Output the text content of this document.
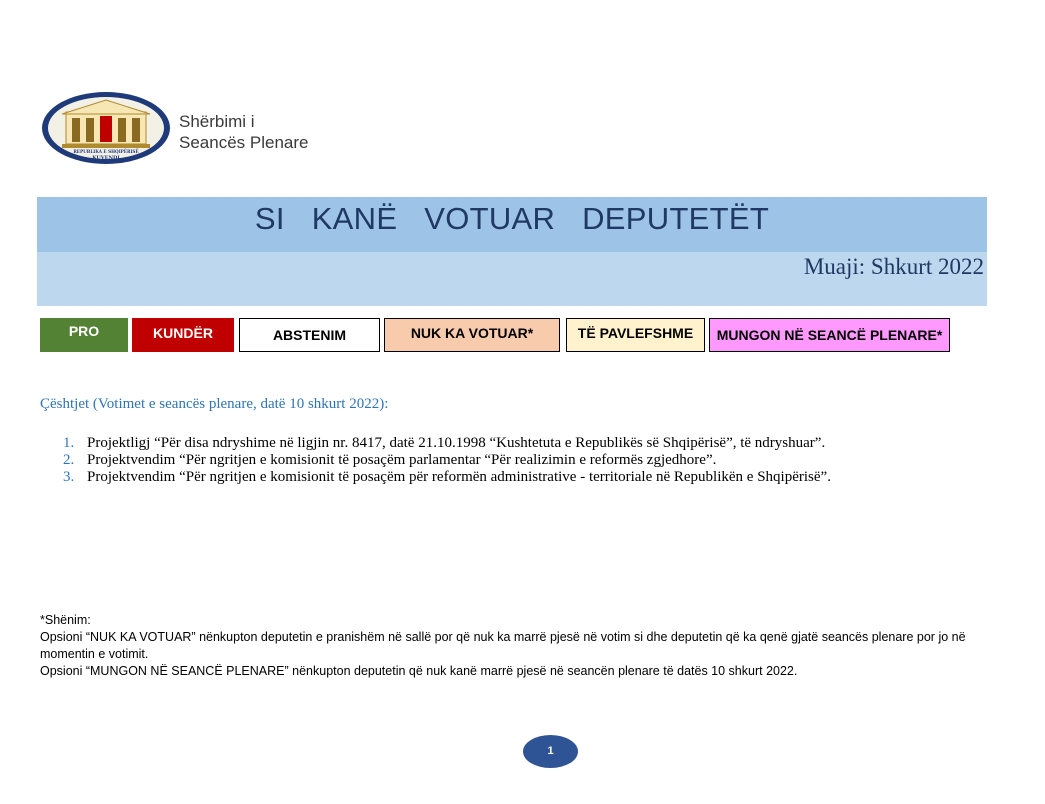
REPUBLIKA E SHQIPËRISË
KUVENDI
Shërbimi i
Seancës Plenare
SI KANË VOTUAR DEPUTETËT
Muaji: Shkurt 2022
PRO	KUNDËR	ABSTENIM	NUK KA VOTUAR*	TË PAVLEFSHME	MUNGON NË SEANCË PLENARE*
Çështjet (Votimet e seancës plenare, datë 10 shkurt 2022):
1. Projektligj “Për disa ndryshime në ligjin nr. 8417, datë 21.10.1998 “Kushtetuta e Republikës së Shqipërisë”, të ndryshuar”.
2. Projektvendim “Për ngritjen e komisionit të posaçëm parlamentar “Për realizimin e reformës zgjedhore”.
3. Projektvendim “Për ngritjen e komisionit të posaçëm për reformën administrative - territoriale në Republikën e Shqipërisë”.

*Shënim:

Opsioni “NUK KA VOTUAR” nënkupton deputetin e pranishëm në sallë por që nuk ka marrë pjesë në votim si dhe deputetin që ka qenë gjatë seancës plenare por jo në momentin e votimit.

Opsioni “MUNGON NË SEANCË PLENARE” nënkupton deputetin që nuk kanë marrë pjesë në seancën plenare të datës 10 shkurt 2022.

1
